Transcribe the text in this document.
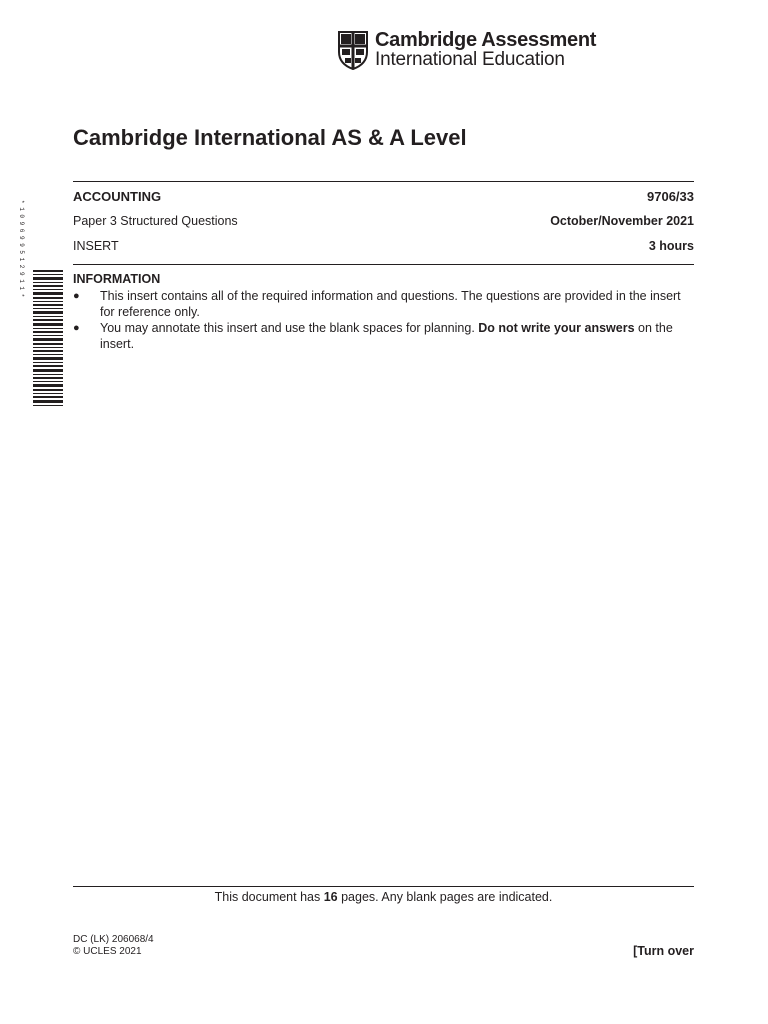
Cambridge Assessment
International Education
Cambridge International AS & A Level
ACCOUNTING	9706/33
Paper 3 Structured Questions	October/November 2021
INSERT	3 hours
* 1 0 9 6 9 9 5 1 2 9 1 1 *	INFORMATION
● This insert contains all of the required information and questions. The questions are provided in the insert for reference only.
● You may annotate this insert and use the blank spaces for planning. Do not write your answers on the insert.
This document has 16 pages. Any blank pages are indicated.
DC (LK) 206068/4
© UCLES 2021	[Turn over
